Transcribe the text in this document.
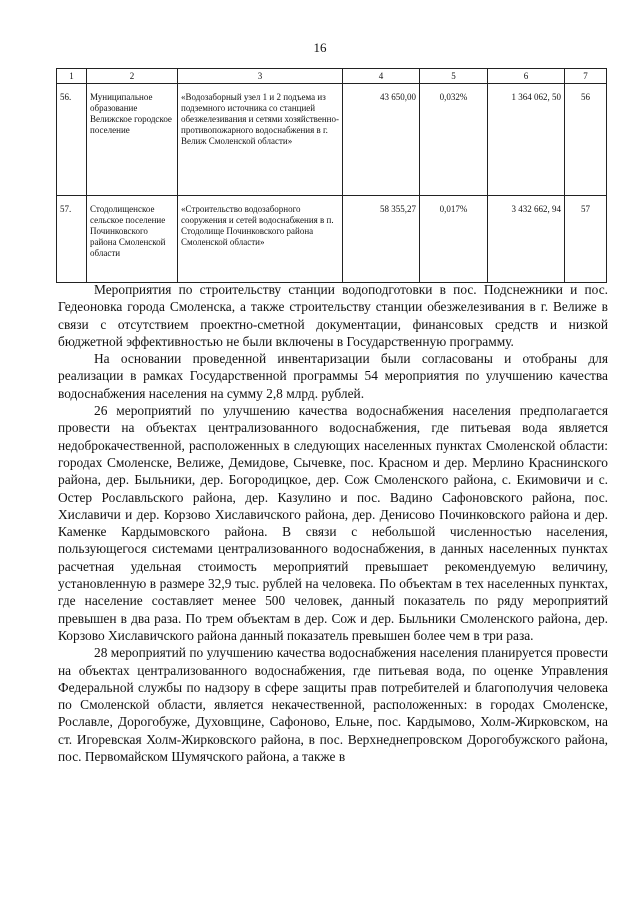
16
1	2	3	4	5	6	7
56.	Муниципальное образование Велижское городское поселение	«Водозаборный узел 1 и 2 подъема из подземного источника со станцией обезжелезивания и сетями хозяйственно-противопожарного водоснабжения в г. Велиж Смоленской области»	43 650,00	0,032%	1 364 062, 50	56
57.	Стодолищенское сельское поселение Починковского района Смоленской области	«Строительство водозаборного сооружения и сетей водоснабжения в п. Стодолище Починковского района Смоленской области»	58 355,27	0,017%	3 432 662, 94	57

Мероприятия по строительству станции водоподготовки в пос. Подснежники и пос. Гедеоновка города Смоленска, а также строительству станции обезжелезивания в г. Велиже в связи с отсутствием проектно-сметной документации, финансовых средств и низкой бюджетной эффективностью не были включены в Государственную программу.

На основании проведенной инвентаризации были согласованы и отобраны для реализации в рамках Государственной программы 54 мероприятия по улучшению качества водоснабжения населения на сумму 2,8 млрд. рублей.

26 мероприятий по улучшению качества водоснабжения населения предполагается провести на объектах централизованного водоснабжения, где питьевая вода является недоброкачественной, расположенных в следующих населенных пунктах Смоленской области: городах Смоленске, Велиже, Демидове, Сычевке, пос. Красном и дер. Мерлино Краснинского района, дер. Быльники, дер. Богородицкое, дер. Сож Смоленского района, с. Екимовичи и с. Остер Рославльского района, дер. Казулино и пос. Вадино Сафоновского района, пос. Хиславичи и дер. Корзово Хиславичского района, дер. Денисово Починковского района и дер. Каменке Кардымовского района. В связи с небольшой численностью населения, пользующегося системами централизованного водоснабжения, в данных населенных пунктах расчетная удельная стоимость мероприятий превышает рекомендуемую величину, установленную в размере 32,9 тыс. рублей на человека. По объектам в тех населенных пунктах, где население составляет менее 500 человек, данный показатель по ряду мероприятий превышен в два раза. По трем объектам в дер. Сож и дер. Быльники Смоленского района, дер. Корзово Хиславичского района данный показатель превышен более чем в три раза.

28 мероприятий по улучшению качества водоснабжения населения планируется провести на объектах централизованного водоснабжения, где питьевая вода, по оценке Управления Федеральной службы по надзору в сфере защиты прав потребителей и благополучия человека по Смоленской области, является некачественной, расположенных: в городах Смоленске, Рославле, Дорогобуже, Духовщине, Сафоново, Ельне, пос. Кардымово, Холм-Жирковском, на ст. Игоревская Холм-Жирковского района, в пос. Верхнеднепровском Дорогобужского района, пос. Первомайском Шумячского района, а также в
